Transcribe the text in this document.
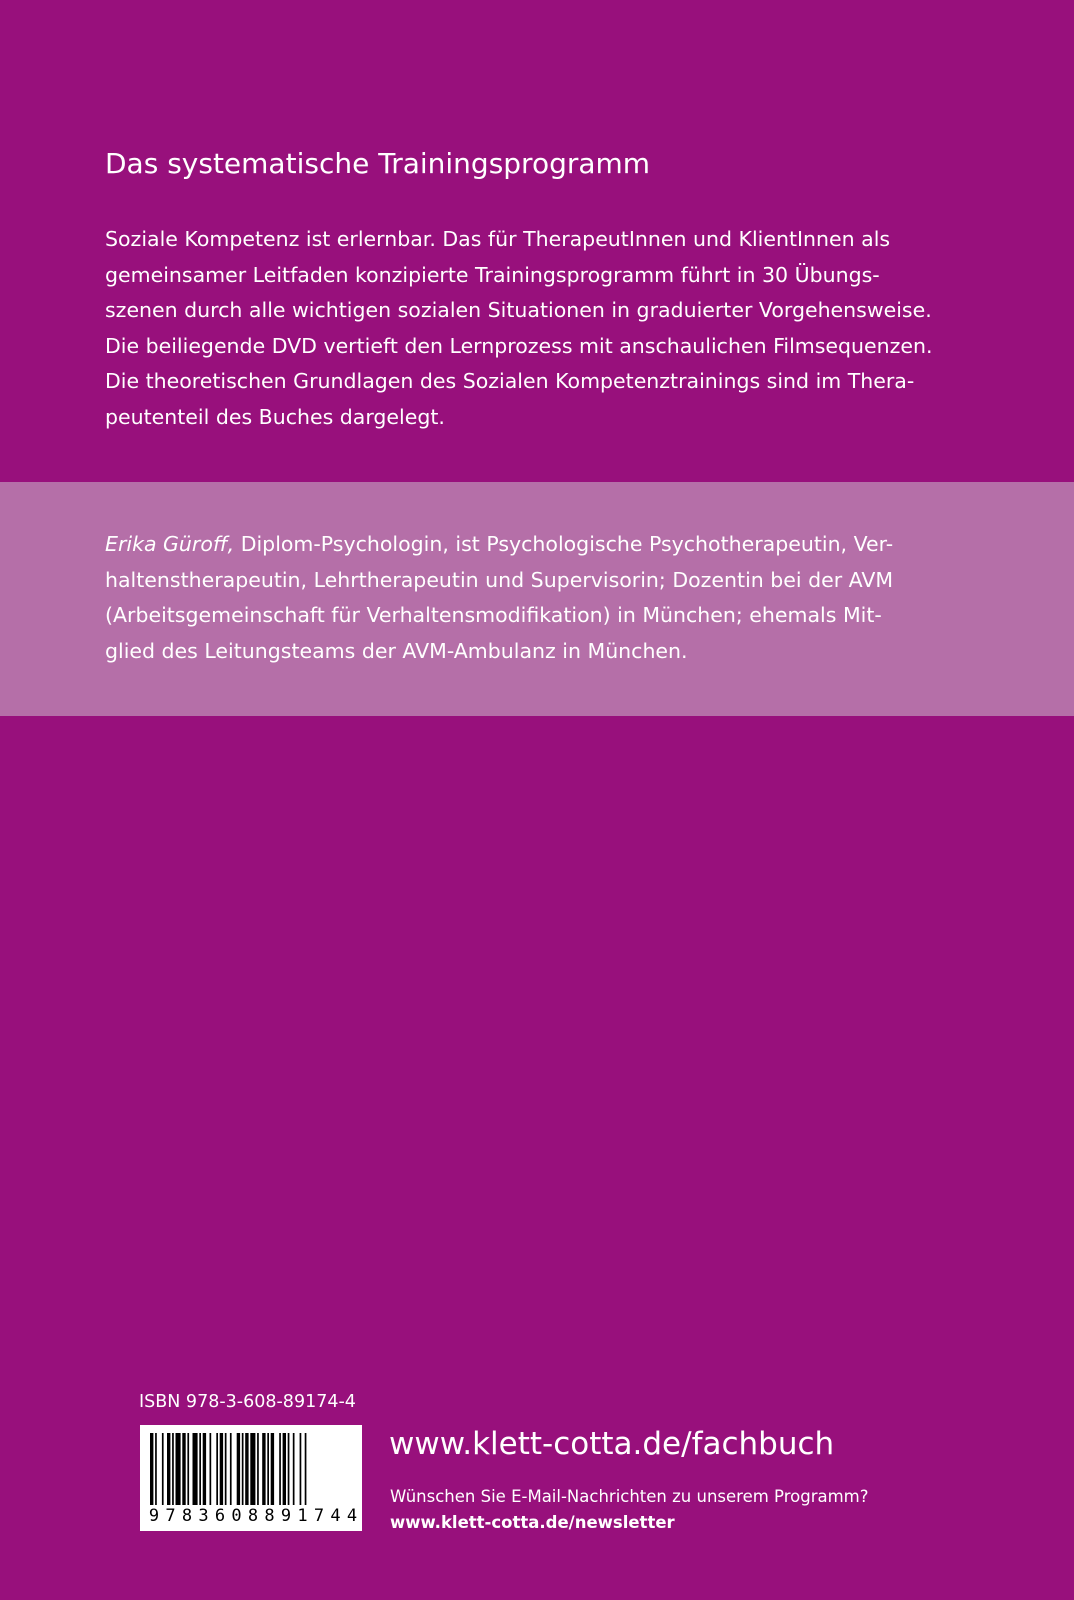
Das systematische Trainingsprogramm

Soziale Kompetenz ist erlernbar. Das für TherapeutInnen und KlientInnen als
gemeinsamer Leitfaden konzipierte Trainingsprogramm führt in 30 Übungs-
szenen durch alle wichtigen sozialen Situationen in graduierter Vorgehensweise.
Die beiliegende DVD vertieft den Lernprozess mit anschaulichen Filmsequenzen.
Die theoretischen Grundlagen des Sozialen Kompetenztrainings sind im Thera-
peutenteil des Buches dargelegt.

Erika Güroff, Diplom-Psychologin, ist Psychologische Psychotherapeutin, Ver-
haltenstherapeutin, Lehrtherapeutin und Supervisorin; Dozentin bei der AVM
(Arbeitsgemeinschaft für Verhaltensmodifikation) in München; ehemals Mit-
glied des Leitungsteams der AVM-Ambulanz in München.

ISBN 978-3-608-89174-4
9 7 8 3 6 0 8 8 9 1 7 4 4
www.klett-cotta.de/fachbuch
Wünschen Sie E-Mail-Nachrichten zu unserem Programm?
www.klett-cotta.de/newsletter
